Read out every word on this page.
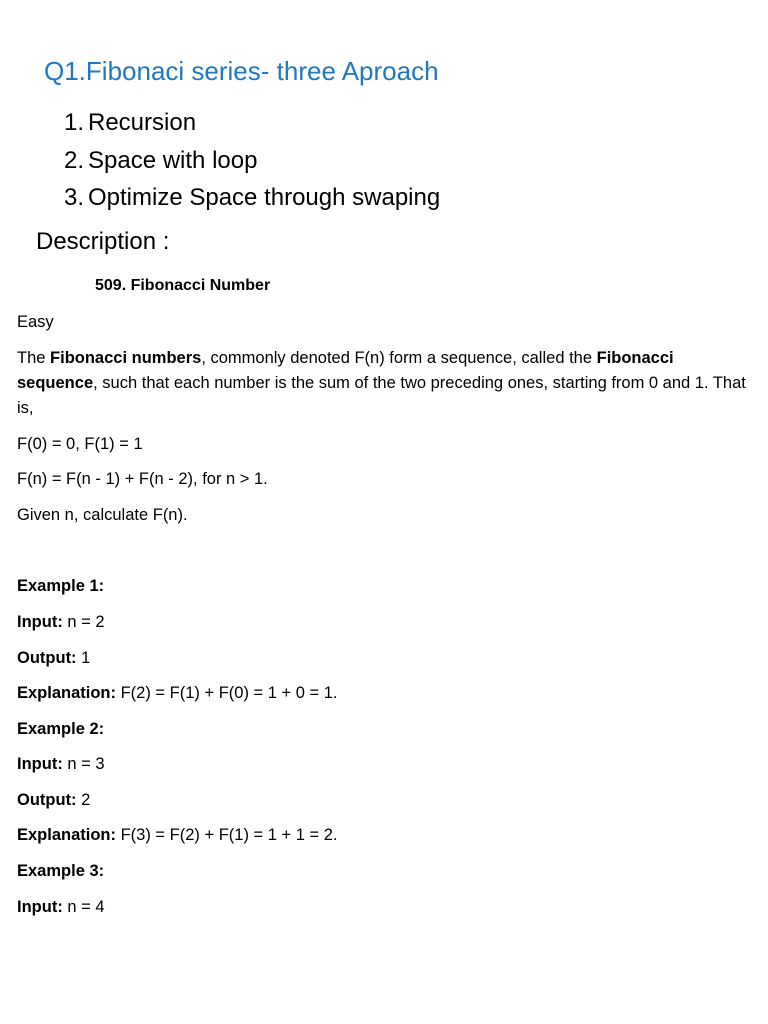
Q1.Fibonaci series- three Aproach
1. Recursion
2. Space with loop
3. Optimize Space through swaping
Description :
509. Fibonacci Number
Easy
The Fibonacci numbers, commonly denoted F(n) form a sequence, called the Fibonacci sequence, such that each number is the sum of the two preceding ones, starting from 0 and 1. That is,
F(0) = 0, F(1) = 1
F(n) = F(n - 1) + F(n - 2), for n > 1.
Given n, calculate F(n).
Example 1:
Input: n = 2
Output: 1
Explanation: F(2) = F(1) + F(0) = 1 + 0 = 1.
Example 2:
Input: n = 3
Output: 2
Explanation: F(3) = F(2) + F(1) = 1 + 1 = 2.
Example 3:
Input: n = 4
